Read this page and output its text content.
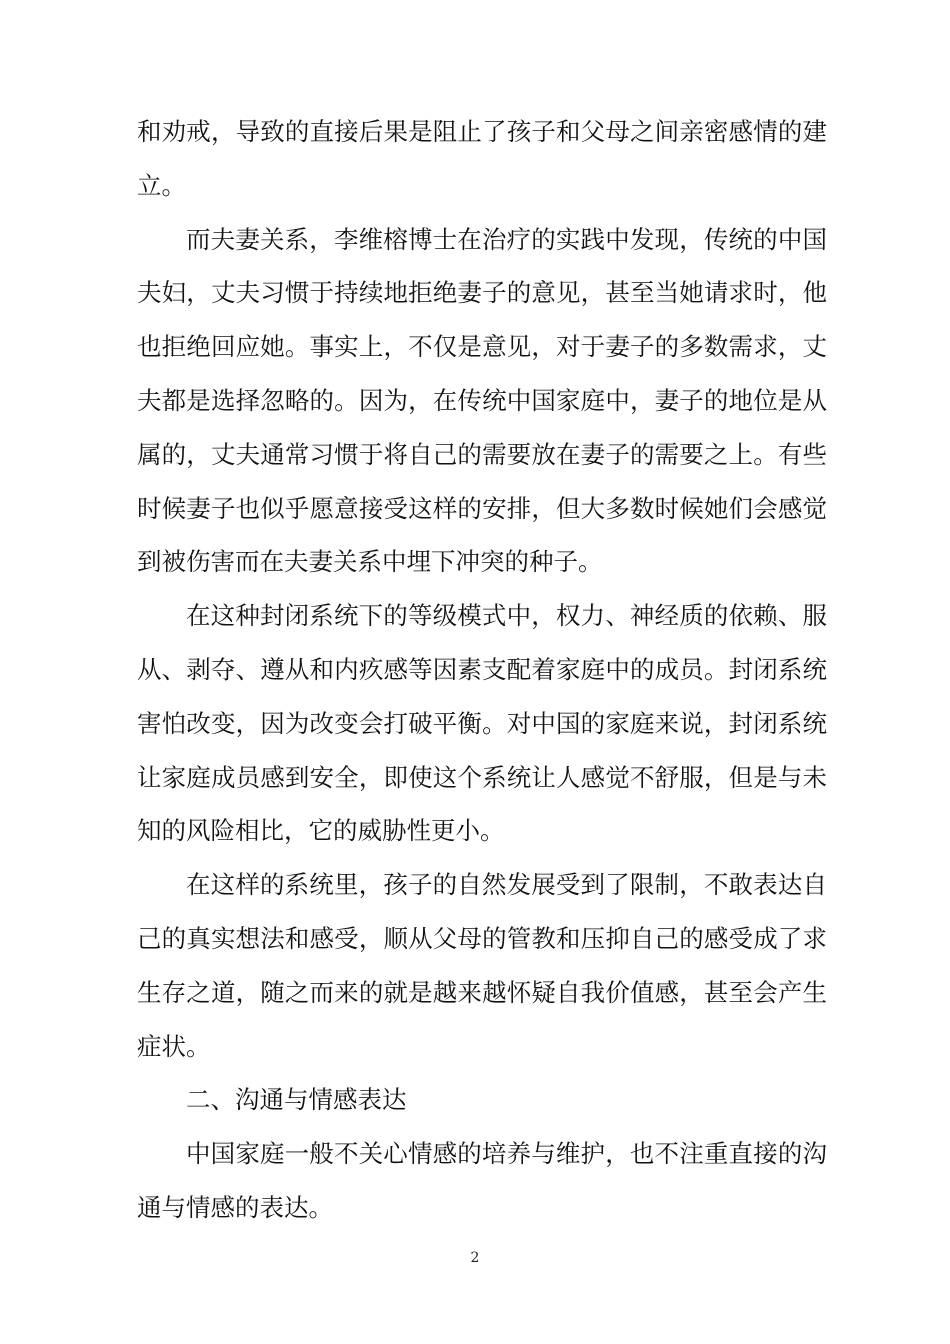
和劝戒，导致的直接后果是阻止了孩子和父母之间亲密感情的建立。

而夫妻关系，李维榕博士在治疗的实践中发现，传统的中国夫妇，丈夫习惯于持续地拒绝妻子的意见，甚至当她请求时，他也拒绝回应她。事实上，不仅是意见，对于妻子的多数需求，丈夫都是选择忽略的。因为，在传统中国家庭中，妻子的地位是从属的，丈夫通常习惯于将自己的需要放在妻子的需要之上。有些时候妻子也似乎愿意接受这样的安排，但大多数时候她们会感觉到被伤害而在夫妻关系中埋下冲突的种子。

在这种封闭系统下的等级模式中，权力、神经质的依赖、服从、剥夺、遵从和内疚感等因素支配着家庭中的成员。封闭系统害怕改变，因为改变会打破平衡。对中国的家庭来说，封闭系统让家庭成员感到安全，即使这个系统让人感觉不舒服，但是与未知的风险相比，它的威胁性更小。

在这样的系统里，孩子的自然发展受到了限制，不敢表达自己的真实想法和感受，顺从父母的管教和压抑自己的感受成了求生存之道，随之而来的就是越来越怀疑自我价值感，甚至会产生症状。

二、沟通与情感表达

中国家庭一般不关心情感的培养与维护，也不注重直接的沟通与情感的表达。

2
